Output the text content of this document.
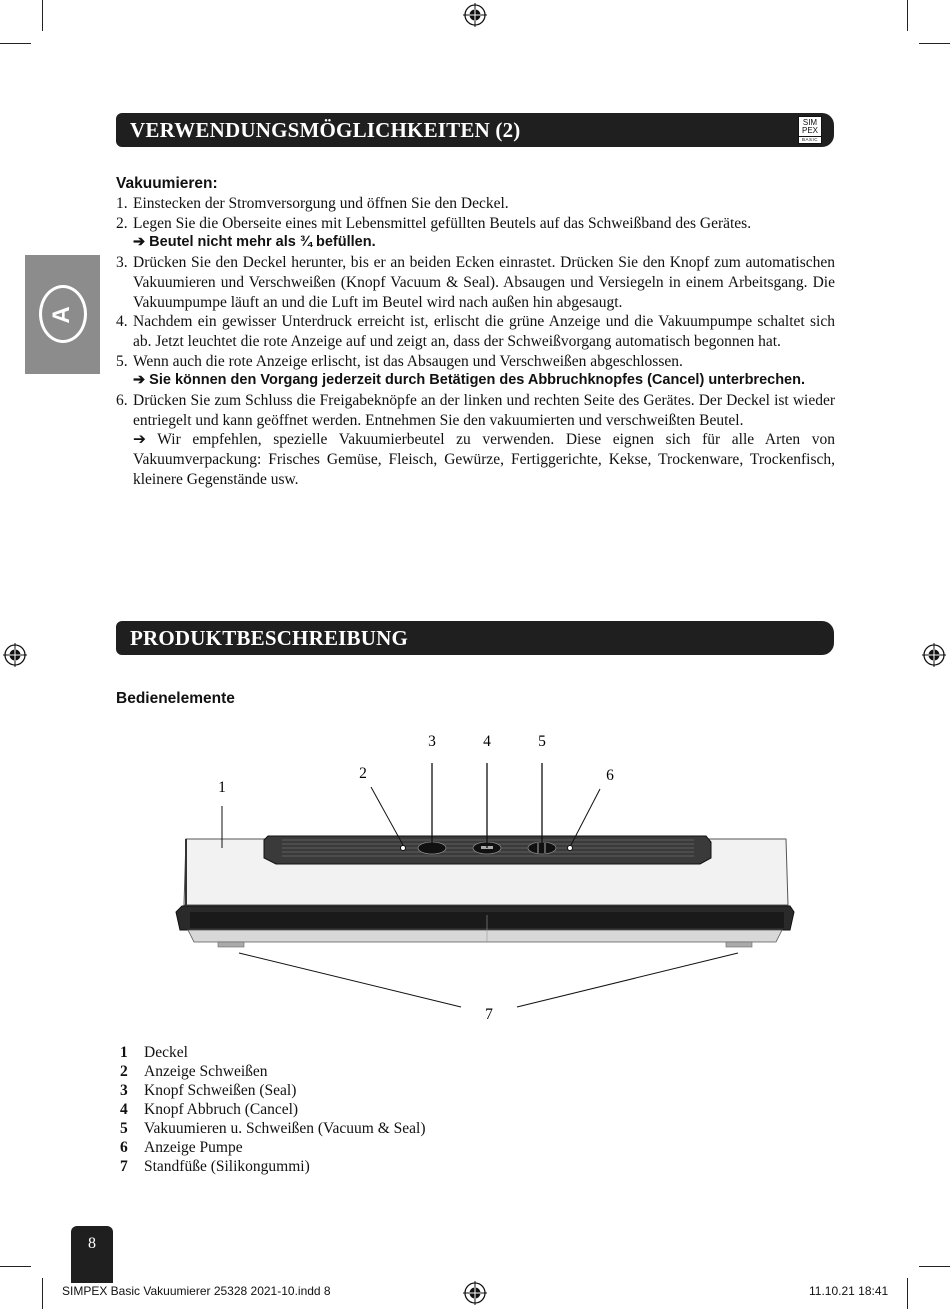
VERWENDUNGSMÖGLICHKEITEN (2)	SIM
PEX
BASIC
A
Vakuumieren:
1. Einstecken der Stromversorgung und öffnen Sie den Deckel.
2. Legen Sie die Oberseite eines mit Lebensmittel gefüllten Beutels auf das Schweißband des Gerätes.
➔ Beutel nicht mehr als ¾ befüllen.
3. Drücken Sie den Deckel herunter, bis er an beiden Ecken einrastet. Drücken Sie den Knopf zum automatischen Vakuumieren und Verschweißen (Knopf Vacuum & Seal). Absaugen und Versiegeln in einem Arbeitsgang. Die Vakuumpumpe läuft an und die Luft im Beutel wird nach außen hin abgesaugt.
4. Nachdem ein gewisser Unterdruck erreicht ist, erlischt die grüne Anzeige und die Vakuumpumpe schaltet sich ab. Jetzt leuchtet die rote Anzeige auf und zeigt an, dass der Schweißvorgang automatisch begonnen hat.
5. Wenn auch die rote Anzeige erlischt, ist das Absaugen und Verschweißen abgeschlossen.
➔ Sie können den Vorgang jederzeit durch Betätigen des Abbruchknopfes (Cancel) unterbrechen.
6. Drücken Sie zum Schluss die Freigabeknöpfe an der linken und rechten Seite des Gerätes. Der Deckel ist wieder entriegelt und kann geöffnet werden. Entnehmen Sie den vakuumierten und verschweißten Beutel.
➔ Wir empfehlen, spezielle Vakuumierbeutel zu verwenden. Diese eignen sich für alle Arten von Vakuumverpackung: Frisches Gemüse, Fleisch, Gewürze, Fertiggerichte, Kekse, Trockenware, Trockenfisch, kleinere Gegenstände usw.
PRODUKTBESCHREIBUNG
Bedienelemente
1
2
3	4	5
6
7
1	Deckel
2	Anzeige Schweißen
3	Knopf Schweißen (Seal)
4	Knopf Abbruch (Cancel)
5	Vakuumieren u. Schweißen (Vacuum & Seal)
6	Anzeige Pumpe
7	Standfüße (Silikongummi)
8
SIMPEX Basic Vakuumierer 25328 2021-10.indd 8	11.10.21 18:41
